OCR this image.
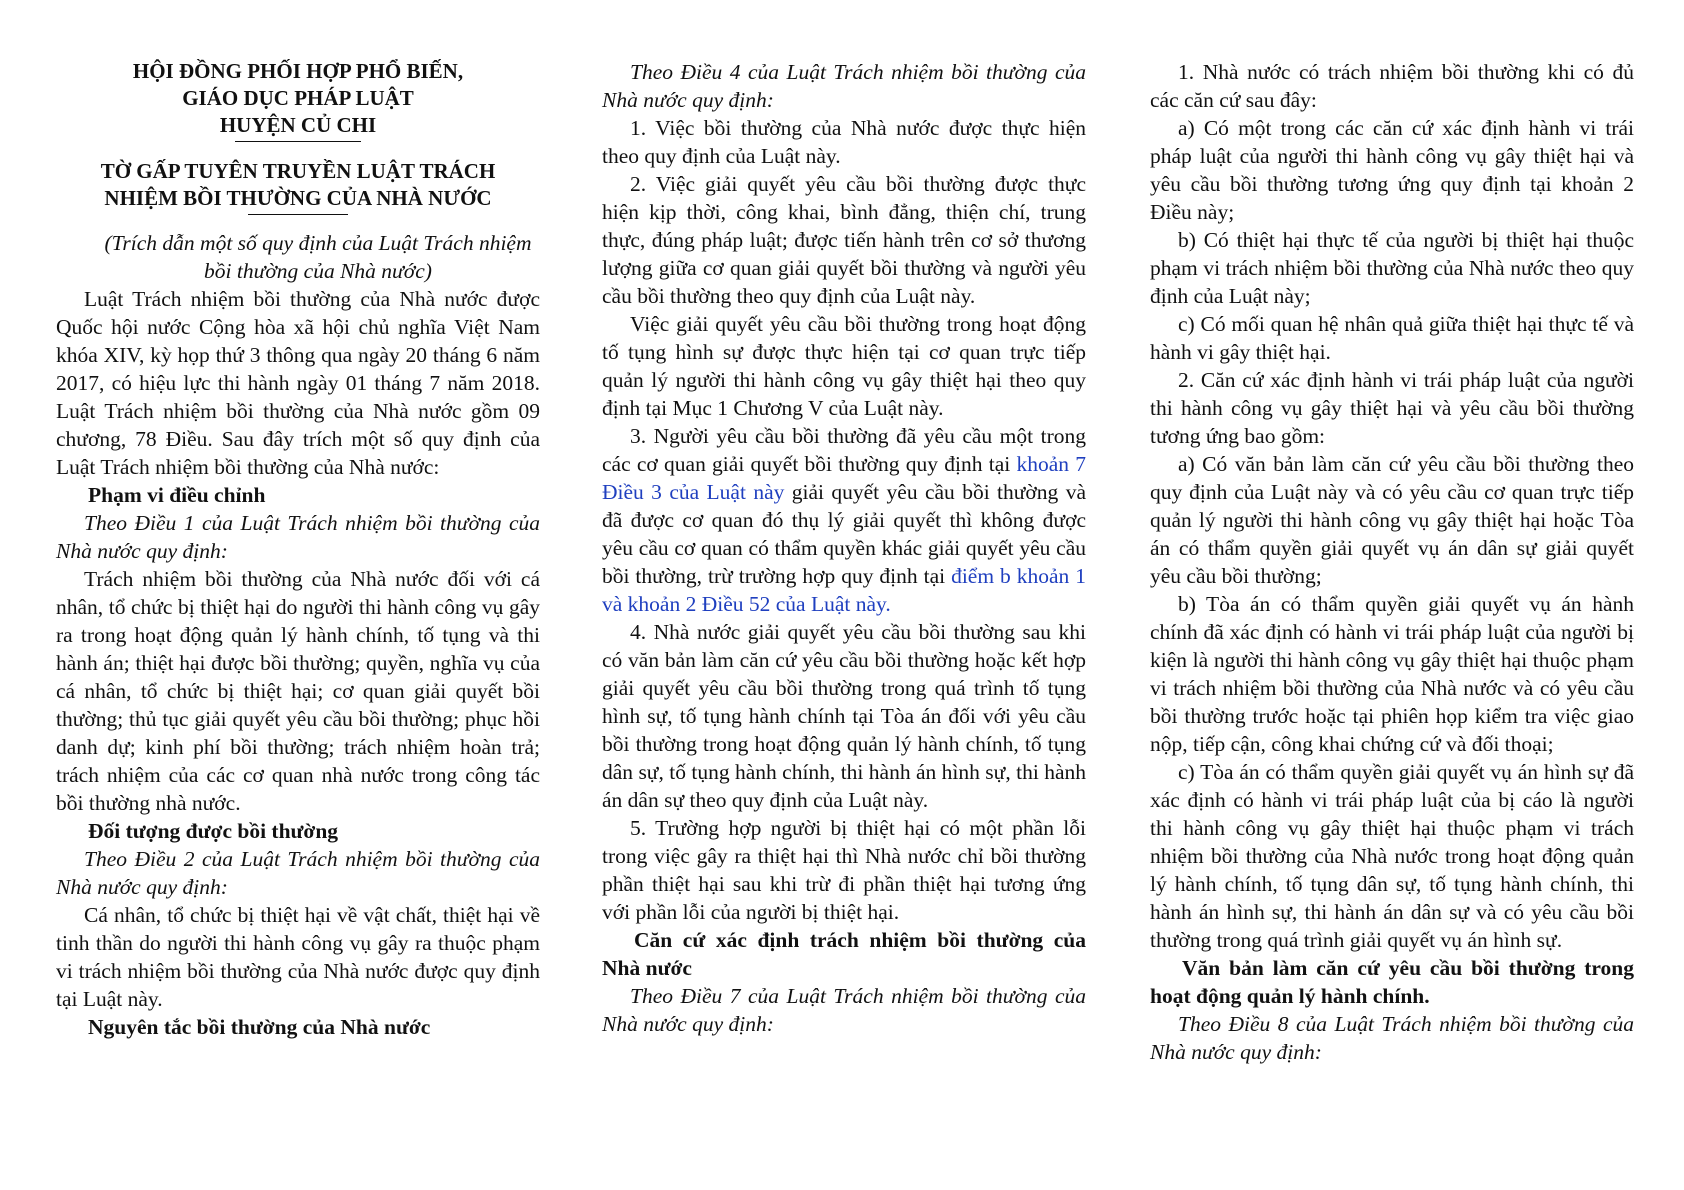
HỘI ĐỒNG PHỐI HỢP PHỔ BIẾN,

GIÁO DỤC PHÁP LUẬT

HUYỆN CỦ CHI

TỜ GẤP TUYÊN TRUYỀN LUẬT TRÁCH

NHIỆM BỒI THƯỜNG CỦA NHÀ NƯỚC

(Trích dẫn một số quy định của Luật Trách nhiệm bồi thường của Nhà nước)

Luật Trách nhiệm bồi thường của Nhà nước được Quốc hội nước Cộng hòa xã hội chủ nghĩa Việt Nam khóa XIV, kỳ họp thứ 3 thông qua ngày 20 tháng 6 năm 2017, có hiệu lực thi hành ngày 01 tháng 7 năm 2018. Luật Trách nhiệm bồi thường của Nhà nước gồm 09 chương, 78 Điều. Sau đây trích một số quy định của Luật Trách nhiệm bồi thường của Nhà nước:

Phạm vi điều chỉnh

Theo Điều 1 của Luật Trách nhiệm bồi thường của Nhà nước quy định:

Trách nhiệm bồi thường của Nhà nước đối với cá nhân, tổ chức bị thiệt hại do người thi hành công vụ gây ra trong hoạt động quản lý hành chính, tố tụng và thi hành án; thiệt hại được bồi thường; quyền, nghĩa vụ của cá nhân, tổ chức bị thiệt hại; cơ quan giải quyết bồi thường; thủ tục giải quyết yêu cầu bồi thường; phục hồi danh dự; kinh phí bồi thường; trách nhiệm hoàn trả; trách nhiệm của các cơ quan nhà nước trong công tác bồi thường nhà nước.

Đối tượng được bồi thường

Theo Điều 2 của Luật Trách nhiệm bồi thường của Nhà nước quy định:

Cá nhân, tổ chức bị thiệt hại về vật chất, thiệt hại về tinh thần do người thi hành công vụ gây ra thuộc phạm vi trách nhiệm bồi thường của Nhà nước được quy định tại Luật này.

Nguyên tắc bồi thường của Nhà nước

Theo Điều 4 của Luật Trách nhiệm bồi thường của Nhà nước quy định:

1. Việc bồi thường của Nhà nước được thực hiện theo quy định của Luật này.

2. Việc giải quyết yêu cầu bồi thường được thực hiện kịp thời, công khai, bình đẳng, thiện chí, trung thực, đúng pháp luật; được tiến hành trên cơ sở thương lượng giữa cơ quan giải quyết bồi thường và người yêu cầu bồi thường theo quy định của Luật này.

Việc giải quyết yêu cầu bồi thường trong hoạt động tố tụng hình sự được thực hiện tại cơ quan trực tiếp quản lý người thi hành công vụ gây thiệt hại theo quy định tại Mục 1 Chương V của Luật này.

3. Người yêu cầu bồi thường đã yêu cầu một trong các cơ quan giải quyết bồi thường quy định tại khoản 7 Điều 3 của Luật này giải quyết yêu cầu bồi thường và đã được cơ quan đó thụ lý giải quyết thì không được yêu cầu cơ quan có thẩm quyền khác giải quyết yêu cầu bồi thường, trừ trường hợp quy định tại điểm b khoản 1 và khoản 2 Điều 52 của Luật này.

4. Nhà nước giải quyết yêu cầu bồi thường sau khi có văn bản làm căn cứ yêu cầu bồi thường hoặc kết hợp giải quyết yêu cầu bồi thường trong quá trình tố tụng hình sự, tố tụng hành chính tại Tòa án đối với yêu cầu bồi thường trong hoạt động quản lý hành chính, tố tụng dân sự, tố tụng hành chính, thi hành án hình sự, thi hành án dân sự theo quy định của Luật này.

5. Trường hợp người bị thiệt hại có một phần lỗi trong việc gây ra thiệt hại thì Nhà nước chỉ bồi thường phần thiệt hại sau khi trừ đi phần thiệt hại tương ứng với phần lỗi của người bị thiệt hại.

Căn cứ xác định trách nhiệm bồi thường của Nhà nước

Theo Điều 7 của Luật Trách nhiệm bồi thường của Nhà nước quy định:

1. Nhà nước có trách nhiệm bồi thường khi có đủ các căn cứ sau đây:

a) Có một trong các căn cứ xác định hành vi trái pháp luật của người thi hành công vụ gây thiệt hại và yêu cầu bồi thường tương ứng quy định tại khoản 2 Điều này;

b) Có thiệt hại thực tế của người bị thiệt hại thuộc phạm vi trách nhiệm bồi thường của Nhà nước theo quy định của Luật này;

c) Có mối quan hệ nhân quả giữa thiệt hại thực tế và hành vi gây thiệt hại.

2. Căn cứ xác định hành vi trái pháp luật của người thi hành công vụ gây thiệt hại và yêu cầu bồi thường tương ứng bao gồm:

a) Có văn bản làm căn cứ yêu cầu bồi thường theo quy định của Luật này và có yêu cầu cơ quan trực tiếp quản lý người thi hành công vụ gây thiệt hại hoặc Tòa án có thẩm quyền giải quyết vụ án dân sự giải quyết yêu cầu bồi thường;

b) Tòa án có thẩm quyền giải quyết vụ án hành chính đã xác định có hành vi trái pháp luật của người bị kiện là người thi hành công vụ gây thiệt hại thuộc phạm vi trách nhiệm bồi thường của Nhà nước và có yêu cầu bồi thường trước hoặc tại phiên họp kiểm tra việc giao nộp, tiếp cận, công khai chứng cứ và đối thoại;

c) Tòa án có thẩm quyền giải quyết vụ án hình sự đã xác định có hành vi trái pháp luật của bị cáo là người thi hành công vụ gây thiệt hại thuộc phạm vi trách nhiệm bồi thường của Nhà nước trong hoạt động quản lý hành chính, tố tụng dân sự, tố tụng hành chính, thi hành án hình sự, thi hành án dân sự và có yêu cầu bồi thường trong quá trình giải quyết vụ án hình sự.

Văn bản làm căn cứ yêu cầu bồi thường trong hoạt động quản lý hành chính.

Theo Điều 8 của Luật Trách nhiệm bồi thường của Nhà nước quy định:
